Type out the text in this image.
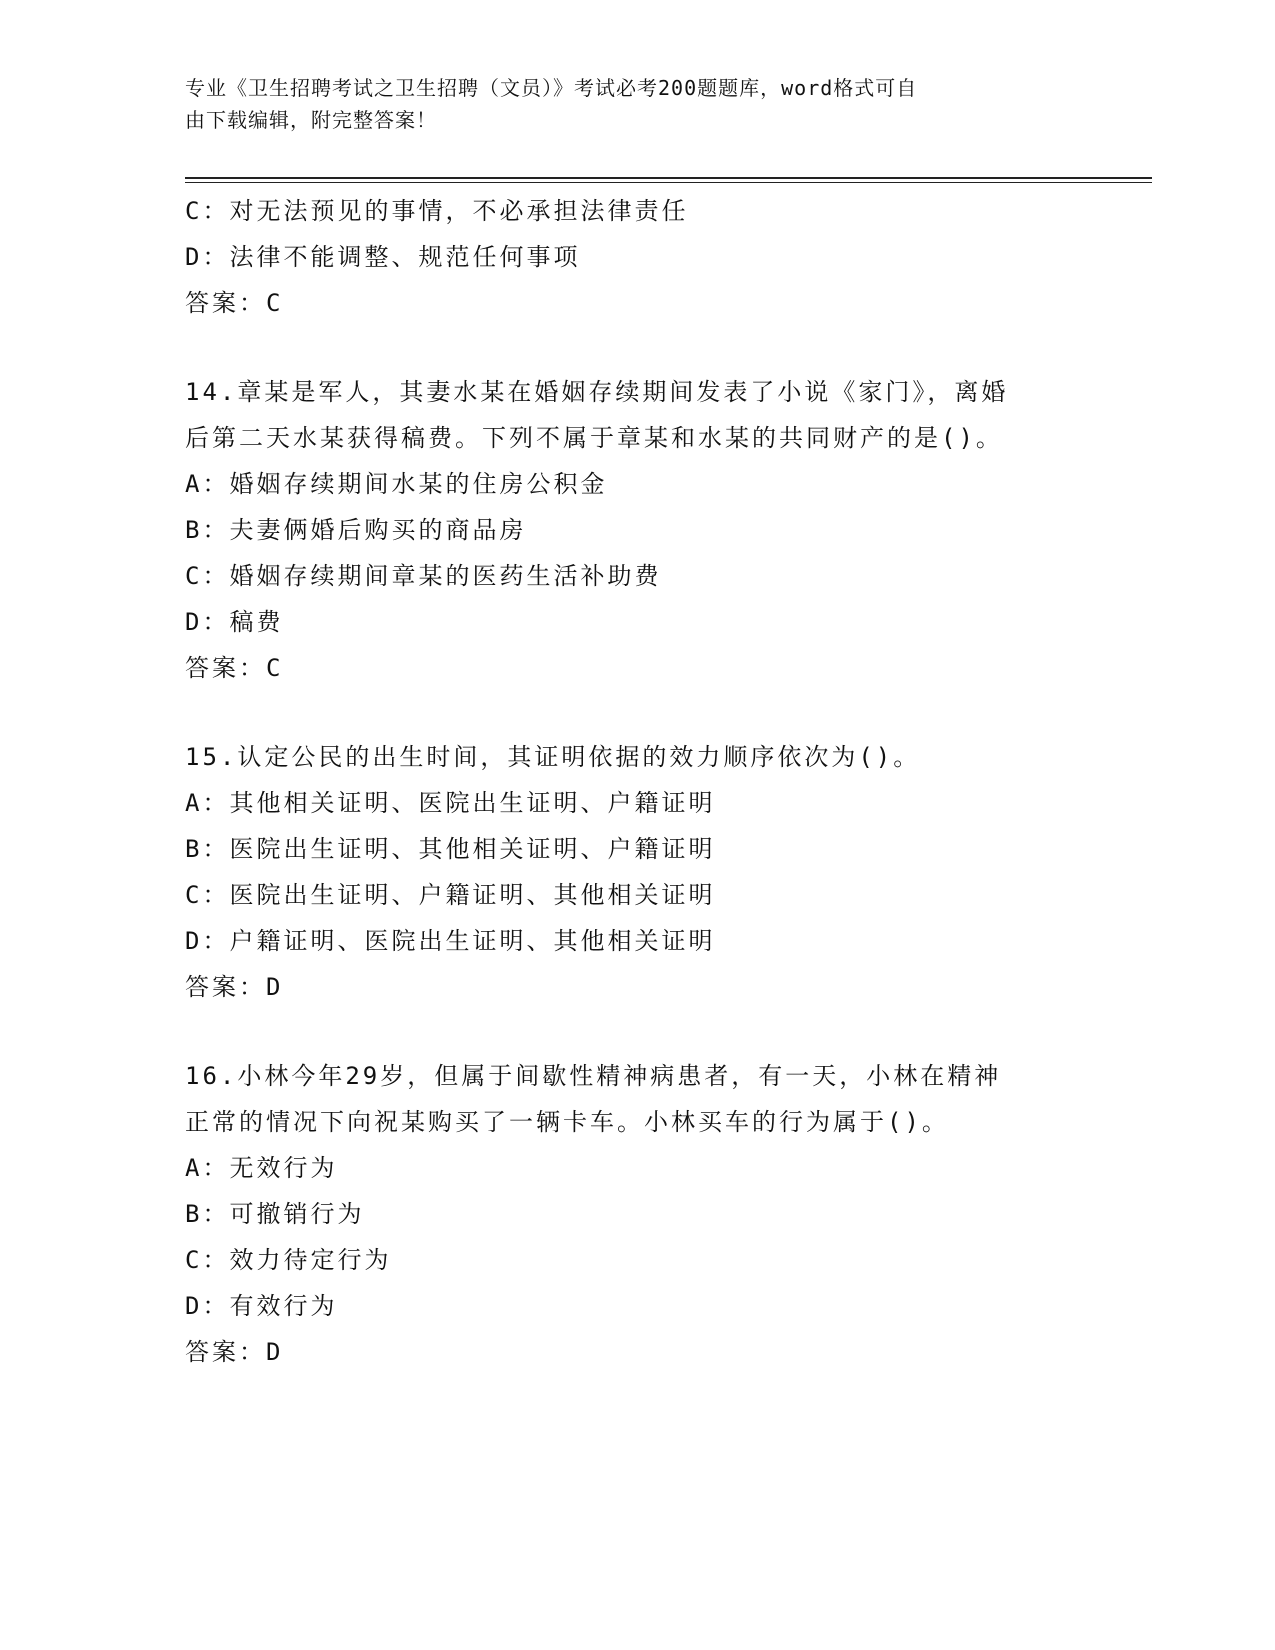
专业《卫生招聘考试之卫生招聘（文员）》考试必考200题题库，word格式可自
由下载编辑，附完整答案！
C：对无法预见的事情，不必承担法律责任
D：法律不能调整、规范任何事项
答案：C
14.章某是军人，其妻水某在婚姻存续期间发表了小说《家门》，离婚
后第二天水某获得稿费。下列不属于章某和水某的共同财产的是()。
A：婚姻存续期间水某的住房公积金
B：夫妻俩婚后购买的商品房
C：婚姻存续期间章某的医药生活补助费
D：稿费
答案：C
15.认定公民的出生时间，其证明依据的效力顺序依次为()。
A：其他相关证明、医院出生证明、户籍证明
B：医院出生证明、其他相关证明、户籍证明
C：医院出生证明、户籍证明、其他相关证明
D：户籍证明、医院出生证明、其他相关证明
答案：D
16.小林今年29岁，但属于间歇性精神病患者，有一天，小林在精神
正常的情况下向祝某购买了一辆卡车。小林买车的行为属于()。
A：无效行为
B：可撤销行为
C：效力待定行为
D：有效行为
答案：D
